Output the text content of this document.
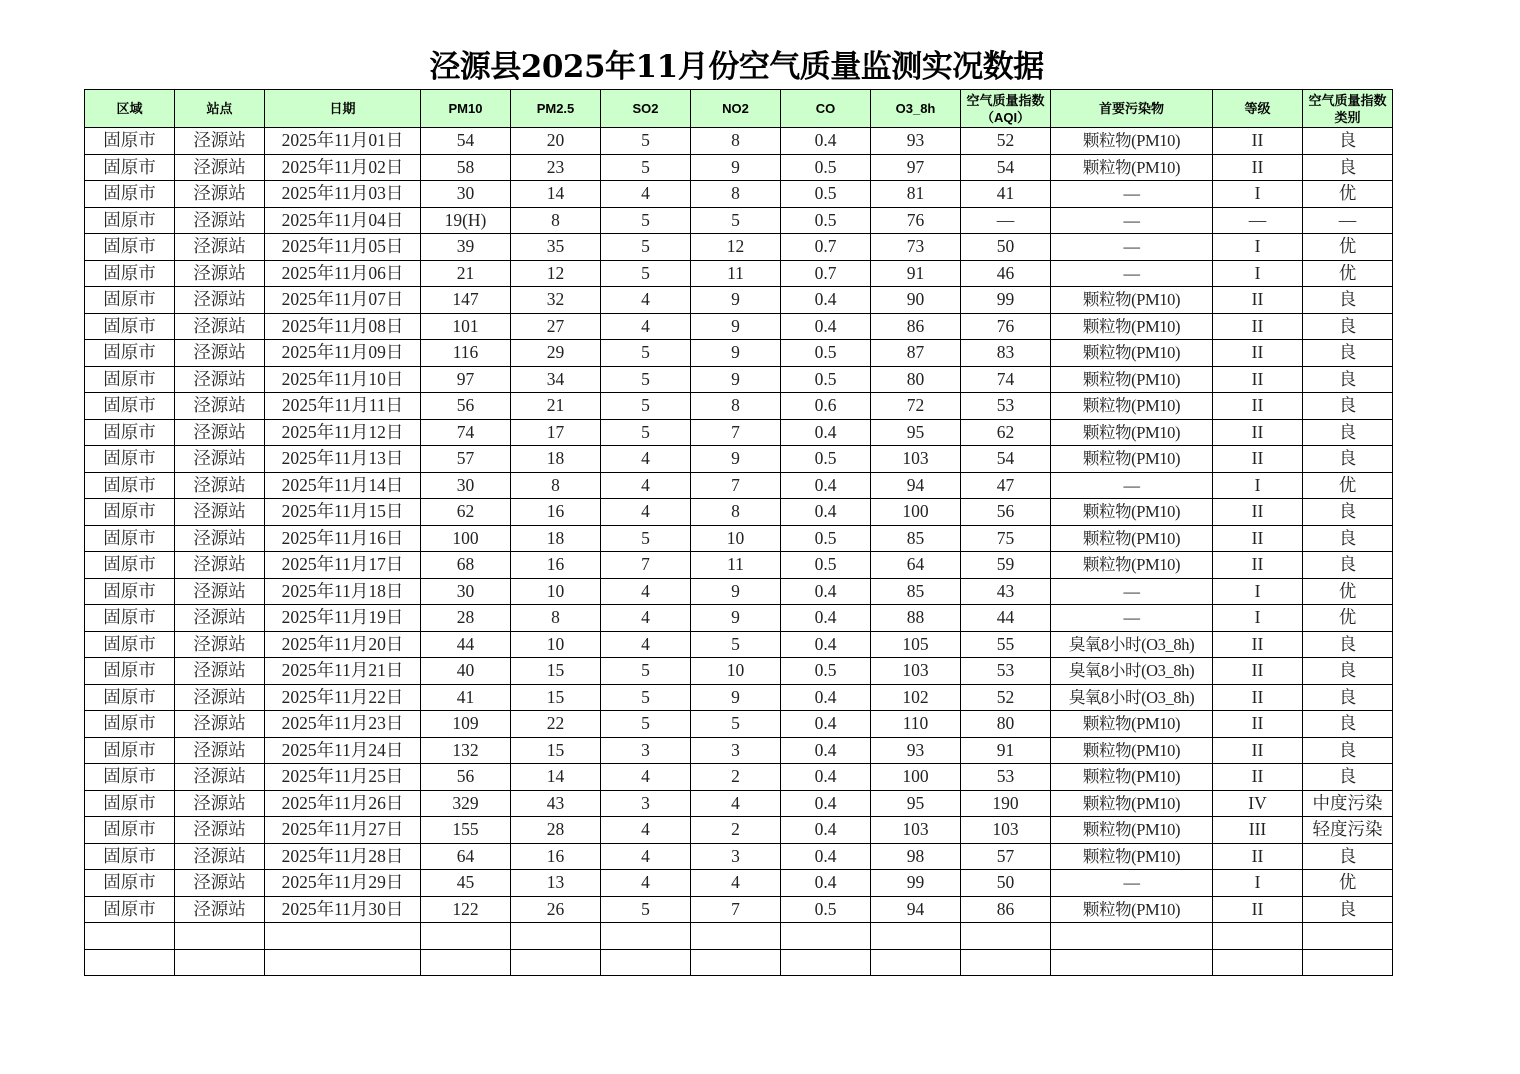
泾源县2025年11月份空气质量监测实况数据
区域	站点	日期	PM10	PM2.5	SO2	NO2	CO	O3_8h	空气质量指数（AQI）	首要污染物	等级	空气质量指数类别
固原市	泾源站	2025年11月01日	54	20	5	8	0.4	93	52	颗粒物(PM10)	II	良
固原市	泾源站	2025年11月02日	58	23	5	9	0.5	97	54	颗粒物(PM10)	II	良
固原市	泾源站	2025年11月03日	30	14	4	8	0.5	81	41	—	I	优
固原市	泾源站	2025年11月04日	19(H)	8	5	5	0.5	76	—	—	—	—
固原市	泾源站	2025年11月05日	39	35	5	12	0.7	73	50	—	I	优
固原市	泾源站	2025年11月06日	21	12	5	11	0.7	91	46	—	I	优
固原市	泾源站	2025年11月07日	147	32	4	9	0.4	90	99	颗粒物(PM10)	II	良
固原市	泾源站	2025年11月08日	101	27	4	9	0.4	86	76	颗粒物(PM10)	II	良
固原市	泾源站	2025年11月09日	116	29	5	9	0.5	87	83	颗粒物(PM10)	II	良
固原市	泾源站	2025年11月10日	97	34	5	9	0.5	80	74	颗粒物(PM10)	II	良
固原市	泾源站	2025年11月11日	56	21	5	8	0.6	72	53	颗粒物(PM10)	II	良
固原市	泾源站	2025年11月12日	74	17	5	7	0.4	95	62	颗粒物(PM10)	II	良
固原市	泾源站	2025年11月13日	57	18	4	9	0.5	103	54	颗粒物(PM10)	II	良
固原市	泾源站	2025年11月14日	30	8	4	7	0.4	94	47	—	I	优
固原市	泾源站	2025年11月15日	62	16	4	8	0.4	100	56	颗粒物(PM10)	II	良
固原市	泾源站	2025年11月16日	100	18	5	10	0.5	85	75	颗粒物(PM10)	II	良
固原市	泾源站	2025年11月17日	68	16	7	11	0.5	64	59	颗粒物(PM10)	II	良
固原市	泾源站	2025年11月18日	30	10	4	9	0.4	85	43	—	I	优
固原市	泾源站	2025年11月19日	28	8	4	9	0.4	88	44	—	I	优
固原市	泾源站	2025年11月20日	44	10	4	5	0.4	105	55	臭氧8小时(O3_8h)	II	良
固原市	泾源站	2025年11月21日	40	15	5	10	0.5	103	53	臭氧8小时(O3_8h)	II	良
固原市	泾源站	2025年11月22日	41	15	5	9	0.4	102	52	臭氧8小时(O3_8h)	II	良
固原市	泾源站	2025年11月23日	109	22	5	5	0.4	110	80	颗粒物(PM10)	II	良
固原市	泾源站	2025年11月24日	132	15	3	3	0.4	93	91	颗粒物(PM10)	II	良
固原市	泾源站	2025年11月25日	56	14	4	2	0.4	100	53	颗粒物(PM10)	II	良
固原市	泾源站	2025年11月26日	329	43	3	4	0.4	95	190	颗粒物(PM10)	IV	中度污染
固原市	泾源站	2025年11月27日	155	28	4	2	0.4	103	103	颗粒物(PM10)	III	轻度污染
固原市	泾源站	2025年11月28日	64	16	4	3	0.4	98	57	颗粒物(PM10)	II	良
固原市	泾源站	2025年11月29日	45	13	4	4	0.4	99	50	—	I	优
固原市	泾源站	2025年11月30日	122	26	5	7	0.5	94	86	颗粒物(PM10)	II	良
